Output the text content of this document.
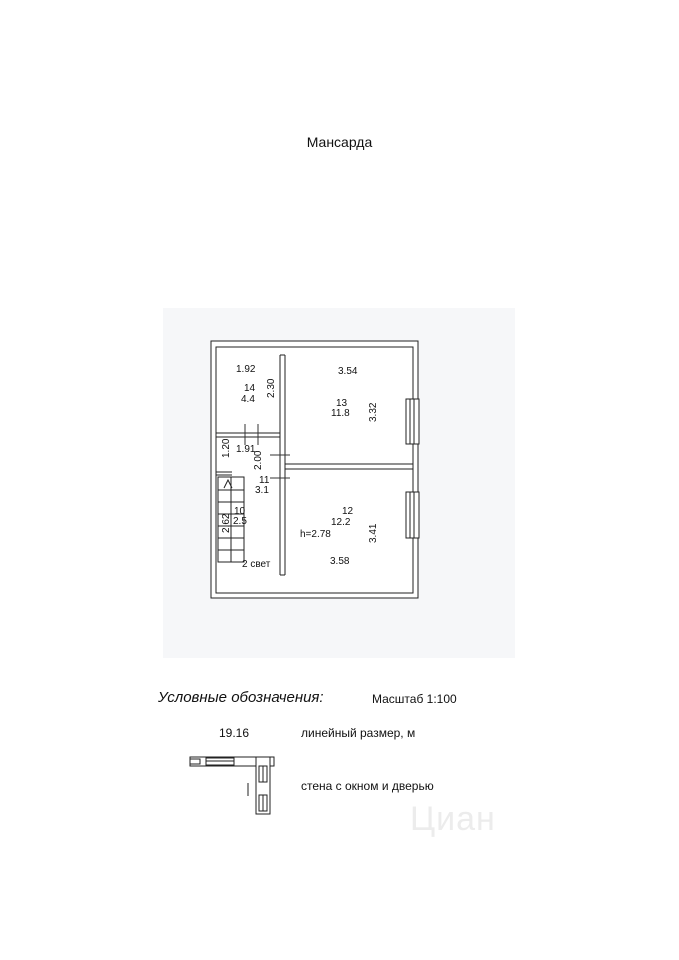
Мансарда
1.92
14
4.4
2.30
3.54
13
11.8 3.32
1.91
1.20
2.00
11
3.1
10
2.5
2.62
2 свет
12
12.2
h=2.78	3.41
3.58
Условные обозначения:	Масштаб 1:100
19.16	линейный размер, м
стена с окном и дверью
Циан
